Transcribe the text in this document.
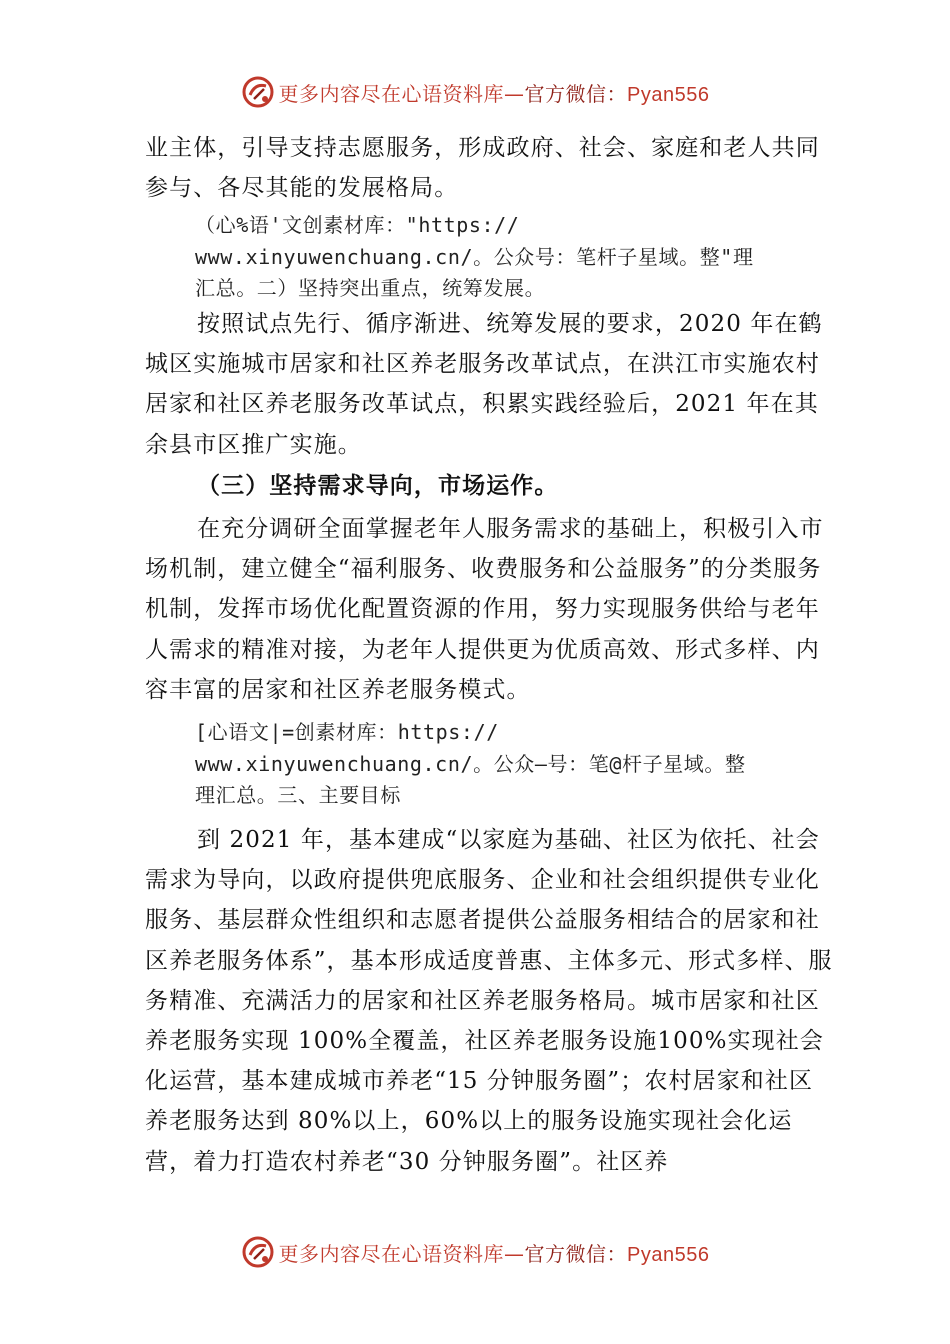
更多内容尽在心语资料库—官方微信：Pyan556
业主体，引导支持志愿服务，形成政府、社会、家庭和老人共同参与、各尽其能的发展格局。
（心%语'文创素材库："https://
www.xinyuwenchuang.cn/。公众号：笔杆子星域。整"理
汇总。二）坚持突出重点，统筹发展。
按照试点先行、循序渐进、统筹发展的要求，2020 年在鹤城区实施城市居家和社区养老服务改革试点，在洪江市实施农村居家和社区养老服务改革试点，积累实践经验后，2021 年在其余县市区推广实施。
（三）坚持需求导向，市场运作。
在充分调研全面掌握老年人服务需求的基础上，积极引入市场机制，建立健全“福利服务、收费服务和公益服务”的分类服务机制，发挥市场优化配置资源的作用，努力实现服务供给与老年人需求的精准对接，为老年人提供更为优质高效、形式多样、内容丰富的居家和社区养老服务模式。
[心语文|=创素材库：https://
www.xinyuwenchuang.cn/。公众—号：笔@杆子星域。整
理汇总。三、主要目标
到 2021 年，基本建成“以家庭为基础、社区为依托、社会需求为导向，以政府提供兜底服务、企业和社会组织提供专业化服务、基层群众性组织和志愿者提供公益服务相结合的居家和社区养老服务体系”，基本形成适度普惠、主体多元、形式多样、服务精准、充满活力的居家和社区养老服务格局。城市居家和社区养老服务实现 100%全覆盖，社区养老服务设施100%实现社会化运营，基本建成城市养老“15 分钟服务圈”；农村居家和社区养老服务达到 80%以上，60%以上的服务设施实现社会化运营，着力打造农村养老“30 分钟服务圈”。社区养
更多内容尽在心语资料库—官方微信：Pyan556
